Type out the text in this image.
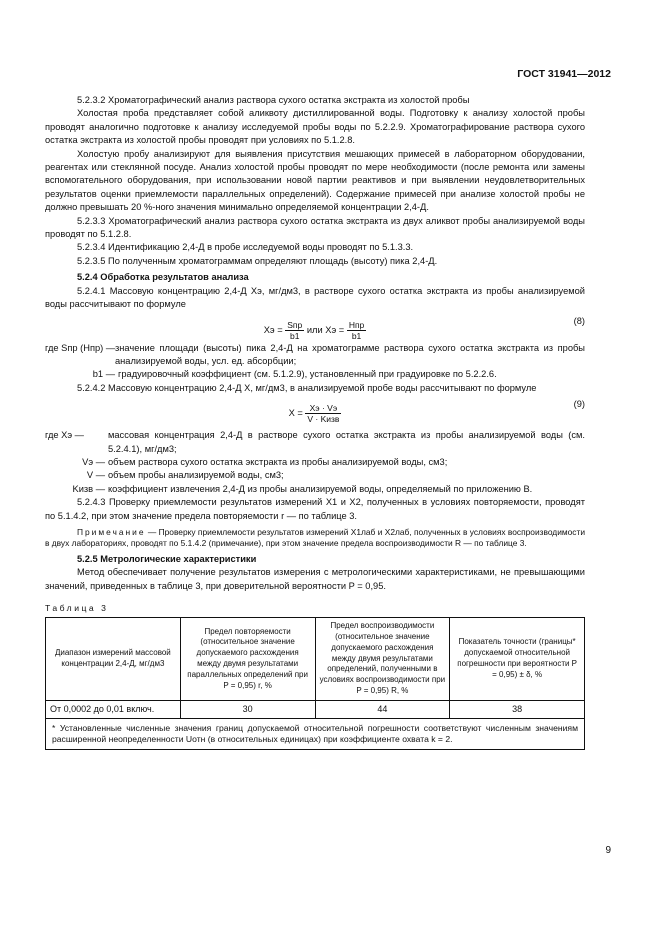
ГОСТ 31941—2012

5.2.3.2 Хроматографический анализ раствора сухого остатка экстракта из холостой пробы

Холостая проба представляет собой аликвоту дистиллированной воды. Подготовку к анализу холостой пробы проводят аналогично подготовке к анализу исследуемой пробы воды по 5.2.2.9. Хроматографирование раствора сухого остатка экстракта из холостой пробы проводят при условиях по 5.1.2.8.

Холостую пробу анализируют для выявления присутствия мешающих примесей в лабораторном оборудовании, реагентах или стеклянной посуде. Анализ холостой пробы проводят по мере необходимости (после ремонта или замены вспомогательного оборудования, при использовании новой партии реактивов и при выявлении неудовлетворительных результатов оценки приемлемости параллельных определений). Содержание примесей при анализе холостой пробы не должно превышать 20 %-ного значения минимально определяемой концентрации 2,4-Д.

5.2.3.3 Хроматографический анализ раствора сухого остатка экстракта из двух аликвот пробы анализируемой воды проводят по 5.1.2.8.

5.2.3.4 Идентификацию 2,4-Д в пробе исследуемой воды проводят по 5.1.3.3.

5.2.3.5 По полученным хроматограммам определяют площадь (высоту) пика 2,4-Д.

5.2.4 Обработка результатов анализа

5.2.4.1 Массовую концентрацию 2,4-Д Xэ, мг/дм3, в растворе сухого остатка экстракта из пробы анализируемой воды рассчитывают по формуле

Xэ = $\frac{\text{Sпр}}{b1}$ или Xэ = $\frac{\text{Hпр}}{b1}$	(8)
где Sпр (Hпр) — значение площади (высоты) пика 2,4-Д на хроматограмме раствора сухого остатка экстракта из пробы анализируемой воды, усл. ед. абсорбции;
b1 — градуировочный коэффициент (см. 5.1.2.9), установленный при градуировке по 5.2.2.6.

5.2.4.2 Массовую концентрацию 2,4-Д X, мг/дм3, в анализируемой пробе воды рассчитывают по формуле

$X = \frac{Xэ \cdot Vэ}{\text{V · Kизв}}$	(9)
где Xэ —	массовая концентрация 2,4-Д в растворе сухого остатка экстракта из пробы анализируемой воды (см. 5.2.4.1), мг/дм3;
Vэ — объем раствора сухого остатка экстракта из пробы анализируемой воды, см3;
V — объем пробы анализируемой воды, см3;
Kизв — коэффициент извлечения 2,4-Д из пробы анализируемой воды, определяемый по приложению В.

5.2.4.3 Проверку приемлемости результатов измерений X1 и X2, полученных в условиях повторяемости, проводят по 5.1.4.2, при этом значение предела повторяемости r — по таблице 3.

Примечание — Проверку приемлемости результатов измерений X1лаб и X2лаб, полученных в условиях воспроизводимости в двух лабораториях, проводят по 5.1.4.2 (примечание), при этом значение предела воспроизводимости R — по таблице 3.

5.2.5 Метрологические характеристики

Метод обеспечивает получение результатов измерения с метрологическими характеристиками, не превышающими значений, приведенных в таблице 3, при доверительной вероятности P = 0,95.

Таблица 3
Диапазон измерений массовой концентрации 2,4-Д, мг/дм3	Предел повторяемости (относительное значение допускаемого расхождения между двумя результатами параллельных определений при P = 0,95) r, %	Предел воспроизводимости (относительное значение допускаемого расхождения между двумя результатами определений, полученными в условиях воспроизводимости при P = 0,95) R, %	Показатель точности (границы* допускаемой относительной погрешности при вероятности P = 0,95) ± δ, %
От 0,0002 до 0,01 включ.	30	44	38
* Установленные численные значения границ допускаемой относительной погрешности соответствуют численным значениям расширенной неопределенности Uотн (в относительных единицах) при коэффициенте охвата k = 2.			
9
